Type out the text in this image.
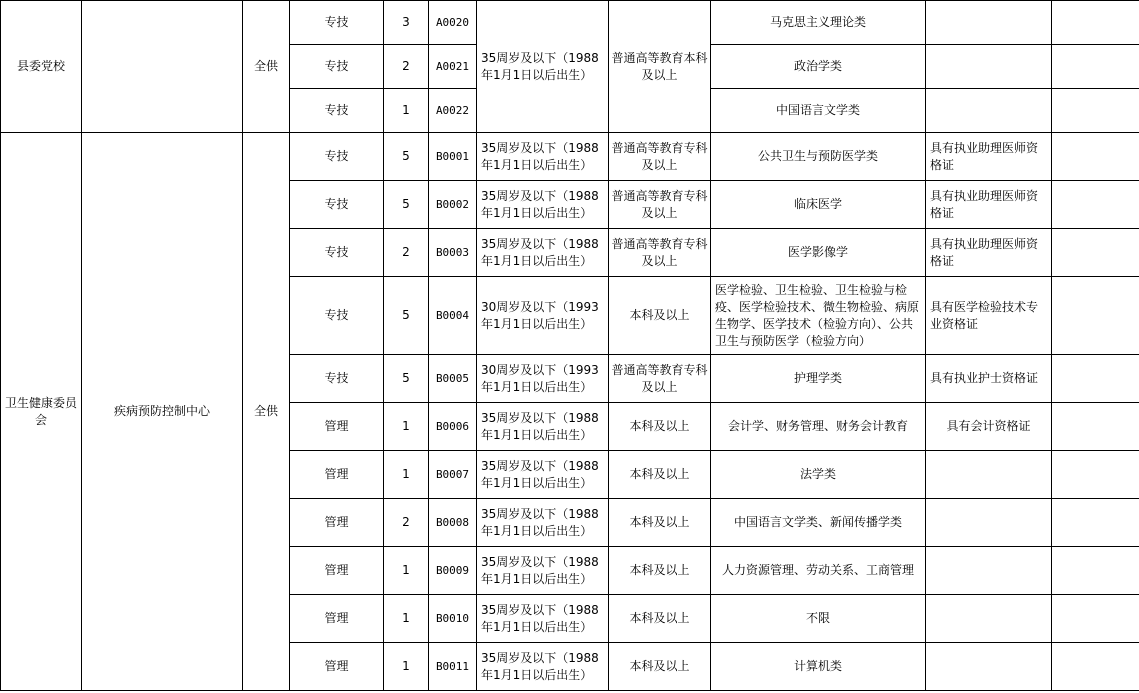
县委党校		全供	专技	3	A0020	35周岁及以下（1988年1月1日以后出生）	普通高等教育本科及以上	马克思主义理论类		
			专技	2	A0021			政治学类		
			专技	1	A0022			中国语言文学类		
卫生健康委员会	疾病预防控制中心	全供	专技	5	B0001	35周岁及以下（1988年1月1日以后出生）	普通高等教育专科及以上	公共卫生与预防医学类	具有执业助理医师资格证	
			专技	5	B0002	35周岁及以下（1988年1月1日以后出生）	普通高等教育专科及以上	临床医学	具有执业助理医师资格证	
			专技	2	B0003	35周岁及以下（1988年1月1日以后出生）	普通高等教育专科及以上	医学影像学	具有执业助理医师资格证	
			专技	5	B0004	30周岁及以下（1993年1月1日以后出生）	本科及以上	医学检验、卫生检验、卫生检验与检疫、医学检验技术、微生物检验、病原生物学、医学技术（检验方向）、公共卫生与预防医学（检验方向）	具有医学检验技术专业资格证	
			专技	5	B0005	30周岁及以下（1993年1月1日以后出生）	普通高等教育专科及以上	护理学类	具有执业护士资格证	
			管理	1	B0006	35周岁及以下（1988年1月1日以后出生）	本科及以上	会计学、财务管理、财务会计教育	具有会计资格证	
			管理	1	B0007	35周岁及以下（1988年1月1日以后出生）	本科及以上	法学类		
			管理	2	B0008	35周岁及以下（1988年1月1日以后出生）	本科及以上	中国语言文学类、新闻传播学类		
			管理	1	B0009	35周岁及以下（1988年1月1日以后出生）	本科及以上	人力资源管理、劳动关系、工商管理		
			管理	1	B0010	35周岁及以下（1988年1月1日以后出生）	本科及以上	不限		
			管理	1	B0011	35周岁及以下（1988年1月1日以后出生）	本科及以上	计算机类		
